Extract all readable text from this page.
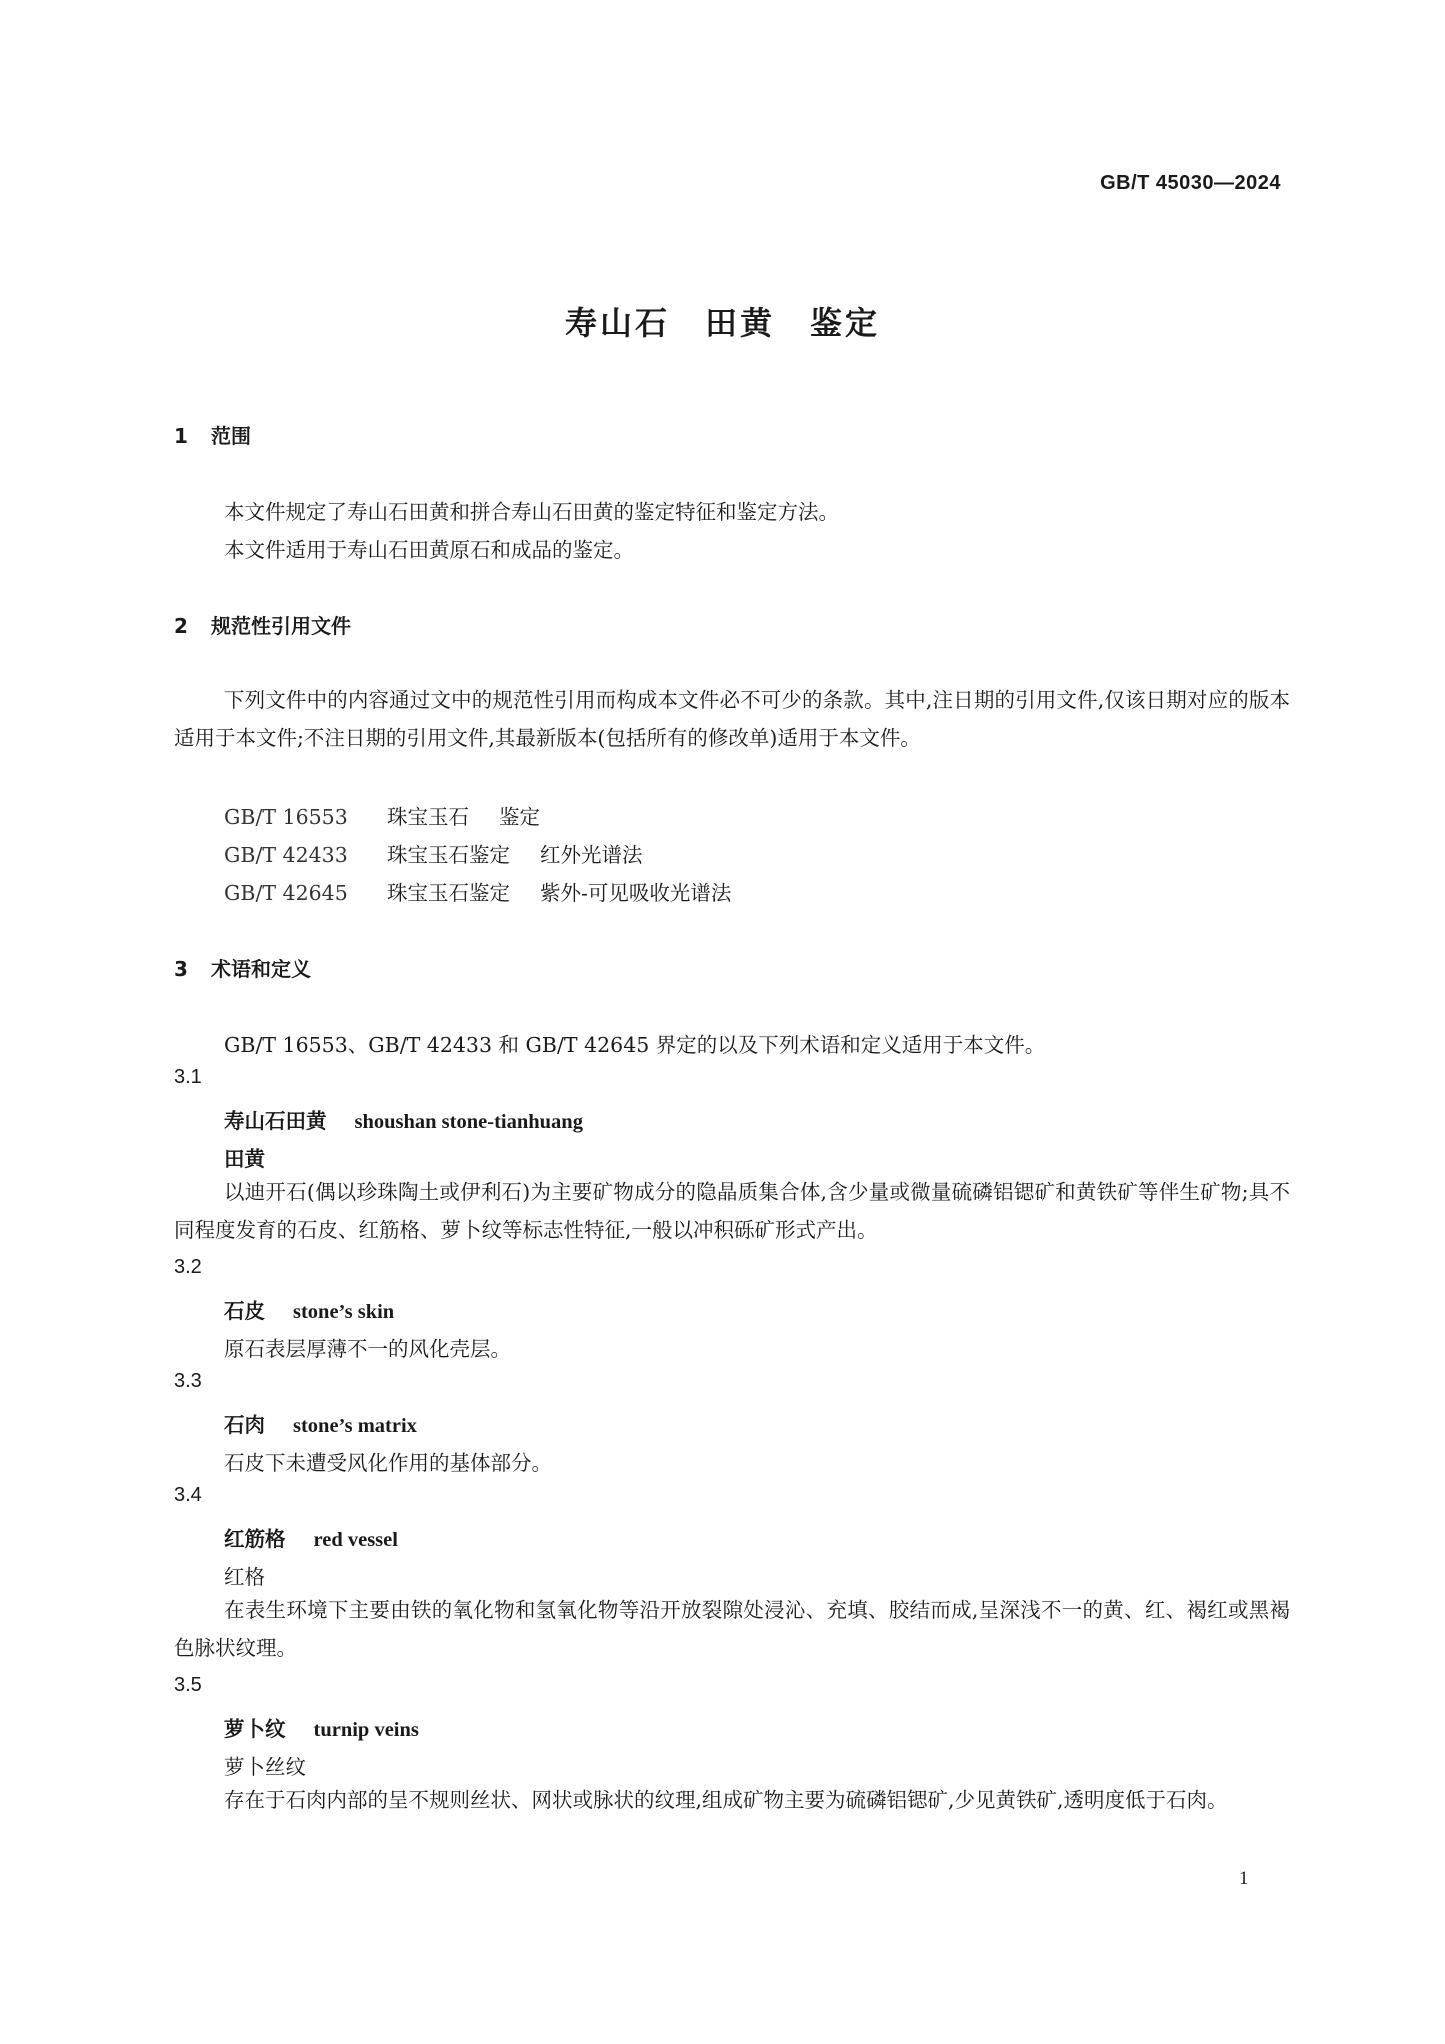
GB/T 45030—2024
寿山石　田黄　鉴定
1 范围
本文件规定了寿山石田黄和拼合寿山石田黄的鉴定特征和鉴定方法。
本文件适用于寿山石田黄原石和成品的鉴定。
2 规范性引用文件
下列文件中的内容通过文中的规范性引用而构成本文件必不可少的条款。其中,注日期的引用文件,仅该日期对应的版本适用于本文件;不注日期的引用文件,其最新版本(包括所有的修改单)适用于本文件。
GB/T 16553 珠宝玉石 鉴定
GB/T 42433 珠宝玉石鉴定 红外光谱法
GB/T 42645 珠宝玉石鉴定 紫外-可见吸收光谱法
3 术语和定义
GB/T 16553、GB/T 42433 和 GB/T 42645 界定的以及下列术语和定义适用于本文件。
3.1
寿山石田黄 shoushan stone-tianhuang
田黄
以迪开石(偶以珍珠陶土或伊利石)为主要矿物成分的隐晶质集合体,含少量或微量硫磷铝锶矿和黄铁矿等伴生矿物;具不同程度发育的石皮、红筋格、萝卜纹等标志性特征,一般以冲积砾矿形式产出。
3.2
石皮 stone’s skin
原石表层厚薄不一的风化壳层。
3.3
石肉 stone’s matrix
石皮下未遭受风化作用的基体部分。
3.4
红筋格 red vessel
红格
在表生环境下主要由铁的氧化物和氢氧化物等沿开放裂隙处浸沁、充填、胶结而成,呈深浅不一的黄、红、褐红或黑褐色脉状纹理。
3.5
萝卜纹 turnip veins
萝卜丝纹
存在于石肉内部的呈不规则丝状、网状或脉状的纹理,组成矿物主要为硫磷铝锶矿,少见黄铁矿,透明度低于石肉。
1
